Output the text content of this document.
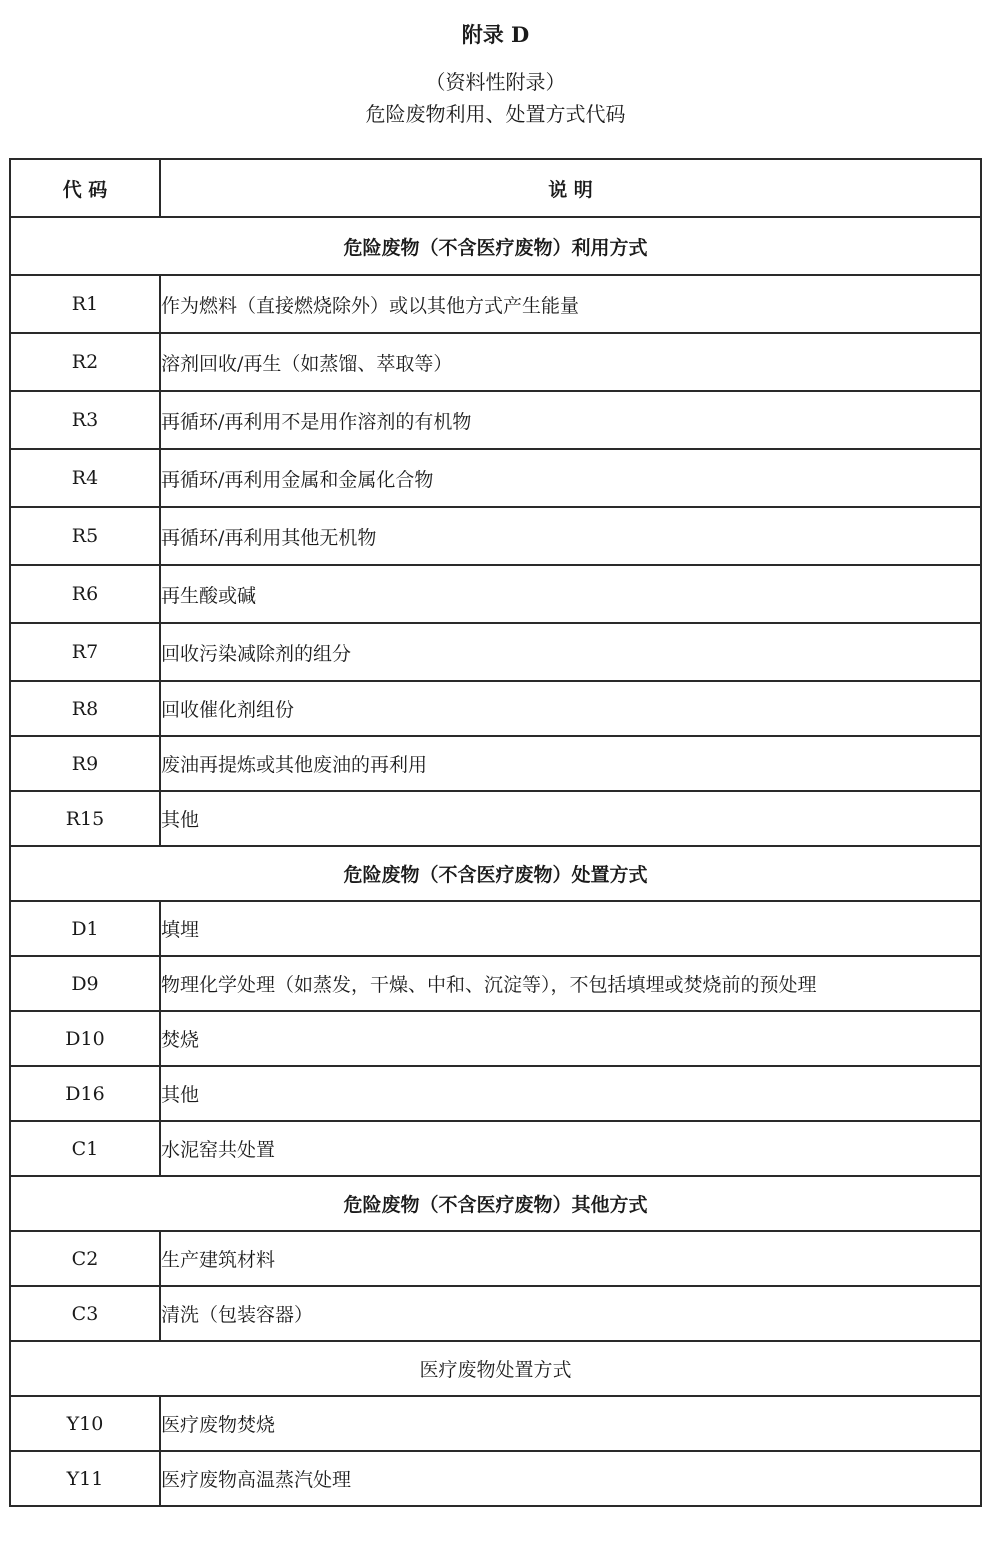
附录 D
（资料性附录）
危险废物利用、处置方式代码
代 码	说 明
危险废物（不含医疗废物）利用方式	
R1	作为燃料（直接燃烧除外）或以其他方式产生能量
R2	溶剂回收/再生（如蒸馏、萃取等）
R3	再循环/再利用不是用作溶剂的有机物
R4	再循环/再利用金属和金属化合物
R5	再循环/再利用其他无机物
R6	再生酸或碱
R7	回收污染减除剂的组分
R8	回收催化剂组份
R9	废油再提炼或其他废油的再利用
R15	其他
危险废物（不含医疗废物）处置方式	
D1	填埋
D9	物理化学处理（如蒸发，干燥、中和、沉淀等），不包括填埋或焚烧前的预处理
D10	焚烧
D16	其他
C1	水泥窑共处置
危险废物（不含医疗废物）其他方式	
C2	生产建筑材料
C3	清洗（包装容器）
医疗废物处置方式	
Y10	医疗废物焚烧
Y11	医疗废物高温蒸汽处理
